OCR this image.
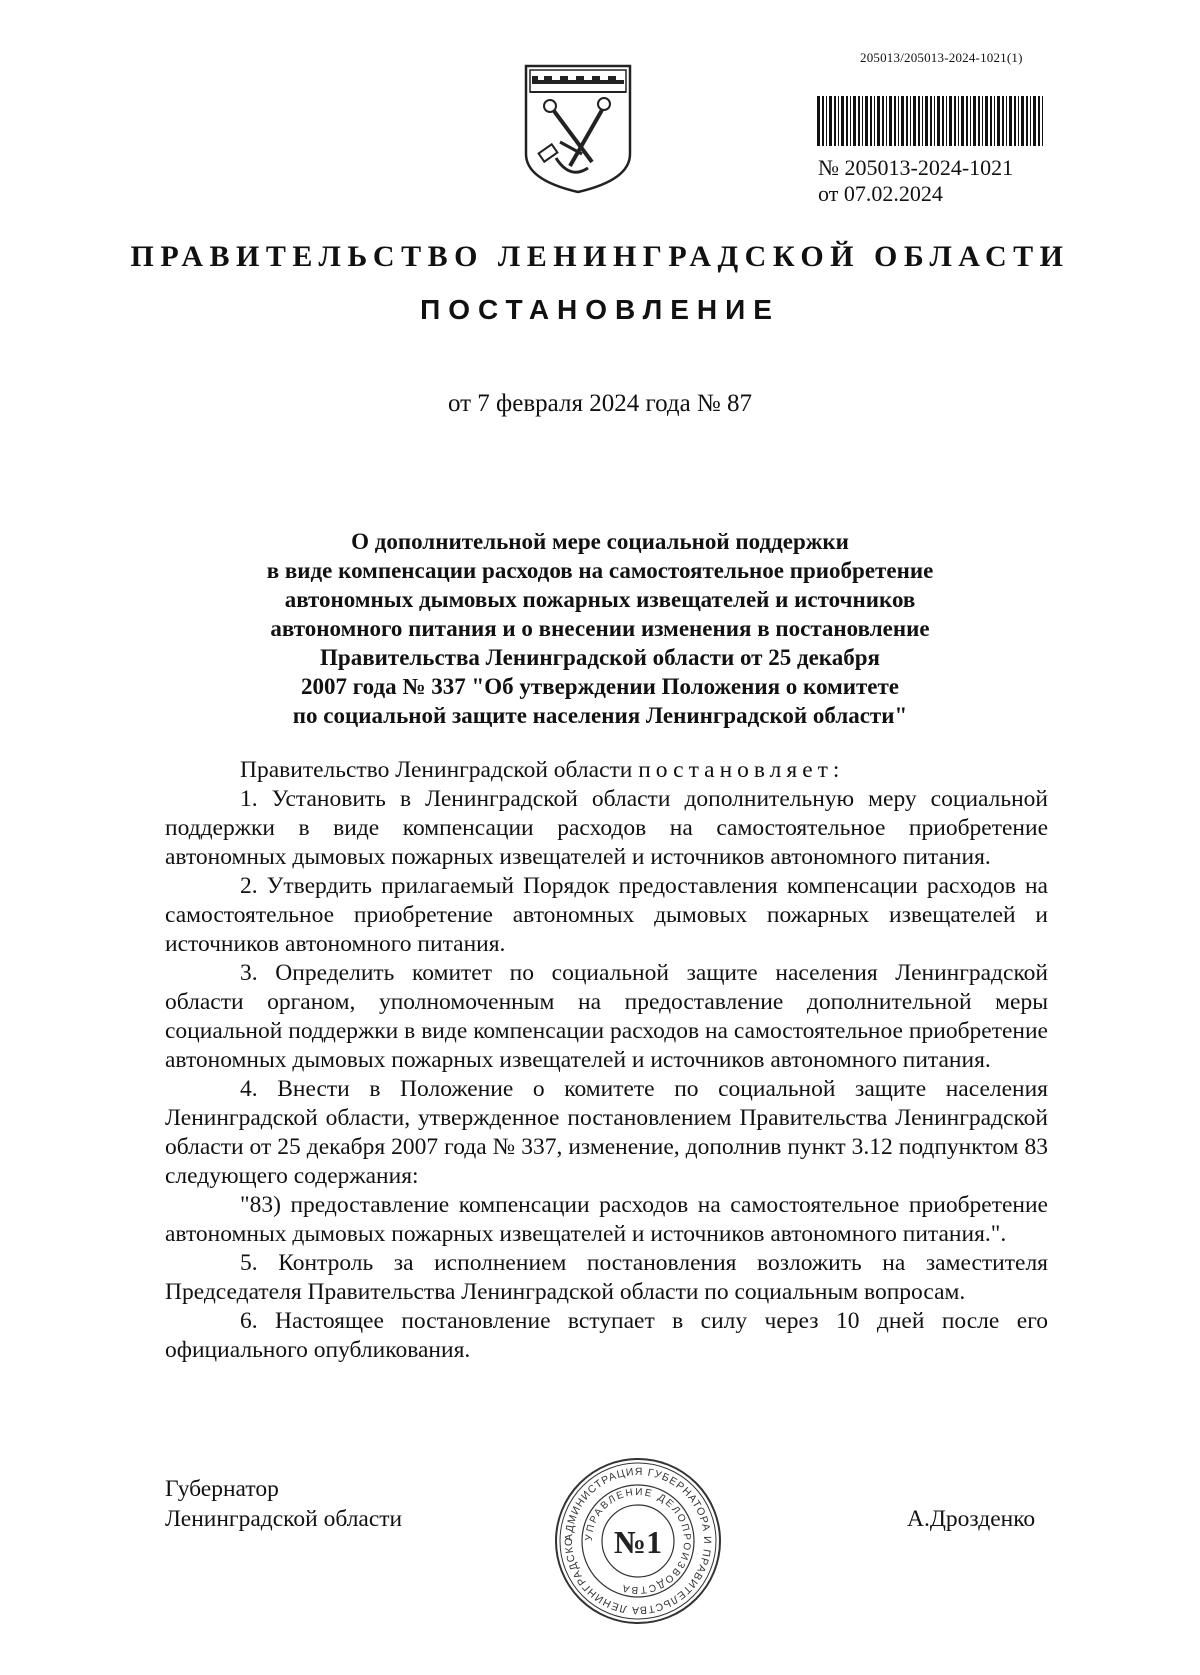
205013/205013-2024-1021(1)
№ 205013-2024-1021
от 07.02.2024
ПРАВИТЕЛЬСТВО ЛЕНИНГРАДСКОЙ ОБЛАСТИ
ПОСТАНОВЛЕНИЕ
от 7 февраля 2024 года № 87
О дополнительной мере социальной поддержки
в виде компенсации расходов на самостоятельное приобретение
автономных дымовых пожарных извещателей и источников
автономного питания и о внесении изменения в постановление
Правительства Ленинградской области от 25 декабря
2007 года № 337 "Об утверждении Положения о комитете
по социальной защите населения Ленинградской области"

Правительство Ленинградской области постановляет:

1. Установить в Ленинградской области дополнительную меру социальной поддержки в виде компенсации расходов на самостоятельное приобретение автономных дымовых пожарных извещателей и источников автономного питания.

2. Утвердить прилагаемый Порядок предоставления компенсации расходов на самостоятельное приобретение автономных дымовых пожарных извещателей и источников автономного питания.

3. Определить комитет по социальной защите населения Ленинградской области органом, уполномоченным на предоставление дополнительной меры социальной поддержки в виде компенсации расходов на самостоятельное приобретение автономных дымовых пожарных извещателей и источников автономного питания.

4. Внести в Положение о комитете по социальной защите населения Ленинградской области, утвержденное постановлением Правительства Ленинградской области от 25 декабря 2007 года № 337, изменение, дополнив пункт 3.12 подпунктом 83 следующего содержания:

"83) предоставление компенсации расходов на самостоятельное приобретение автономных дымовых пожарных извещателей и источников автономного питания.".

5. Контроль за исполнением постановления возложить на заместителя Председателя Правительства Ленинградской области по социальным вопросам.

6. Настоящее постановление вступает в силу через 10 дней после его официального опубликования.

Губернатор
Ленинградской области	А.Дрозденко
АДМИНИСТРАЦИЯ ГУБЕРНАТОРА И ПРАВИТЕЛЬСТВА ЛЕНИНГРАДСКО
УПРАВЛЕНИЕ ДЕЛОПРОИЗВОДСТВА
№1
